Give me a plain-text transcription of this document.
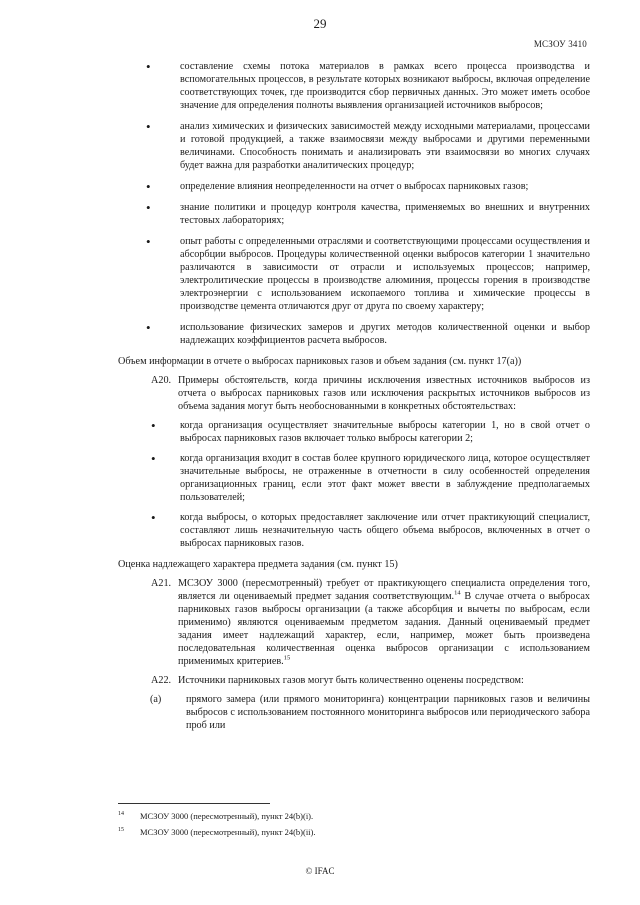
29
МСЗОУ 3410
•	составление схемы потока материалов в рамках всего процесса производства и вспомогательных процессов, в результате которых возникают выбросы, включая определение соответствующих точек, где производится сбор первичных данных. Это может иметь особое значение для определения полноты выявления организацией источников выбросов;
•	анализ химических и физических зависимостей между исходными материалами, процессами и готовой продукцией, а также взаимосвязи между выбросами и другими переменными величинами. Способность понимать и анализировать эти взаимосвязи во многих случаях будет важна для разработки аналитических процедур;
•	определение влияния неопределенности на отчет о выбросах парниковых газов;
•	знание политики и процедур контроля качества, применяемых во внешних и внутренних тестовых лабораториях;
•	опыт работы с определенными отраслями и соответствующими процессами осуществления и абсорбции выбросов. Процедуры количественной оценки выбросов категории 1 значительно различаются в зависимости от отрасли и используемых процессов; например, электролитические процессы в производстве алюминия, процессы горения в производстве электроэнергии с использованием ископаемого топлива и химические процессы в производстве цемента отличаются друг от друга по своему характеру;
•	использование физических замеров и других методов количественной оценки и выбор надлежащих коэффициентов расчета выбросов.
Объем информации в отчете о выбросах парниковых газов и объем задания (см. пункт 17(а))
А20. Примеры обстоятельств, когда причины исключения известных источников выбросов из отчета о выбросах парниковых газов или исключения раскрытых источников выбросов из объема задания могут быть необоснованными в конкретных обстоятельствах:
• когда организация осуществляет значительные выбросы категории 1, но в свой отчет о выбросах парниковых газов включает только выбросы категории 2;
• когда организация входит в состав более крупного юридического лица, которое осуществляет значительные выбросы, не отраженные в отчетности в силу особенностей определения организационных границ, если этот факт может ввести в заблуждение предполагаемых пользователей;
• когда выбросы, о которых предоставляет заключение или отчет практикующий специалист, составляют лишь незначительную часть общего объема выбросов, включенных в отчет о выбросах парниковых газов.
Оценка надлежащего характера предмета задания (см. пункт 15)
А21. МСЗОУ 3000 (пересмотренный) требует от практикующего специалиста определения того, является ли оцениваемый предмет задания соответствующим.$^{14}$ В случае отчета о выбросах парниковых газов выбросы организации (а также абсорбция и вычеты по выбросам, если применимо) являются оцениваемым предметом задания. Данный оцениваемый предмет задания имеет надлежащий характер, если, например, может быть произведена последовательная количественная оценка выбросов организации с использованием применимых критериев.$^{15}$
А22. Источники парниковых газов могут быть количественно оценены посредством:
(а) прямого замера (или прямого мониторинга) концентрации парниковых газов и величины выбросов с использованием постоянного мониторинга выбросов или периодического забора проб или
14 МСЗОУ 3000 (пересмотренный), пункт 24(b)(i).
15 МСЗОУ 3000 (пересмотренный), пункт 24(b)(ii).
© IFAC
